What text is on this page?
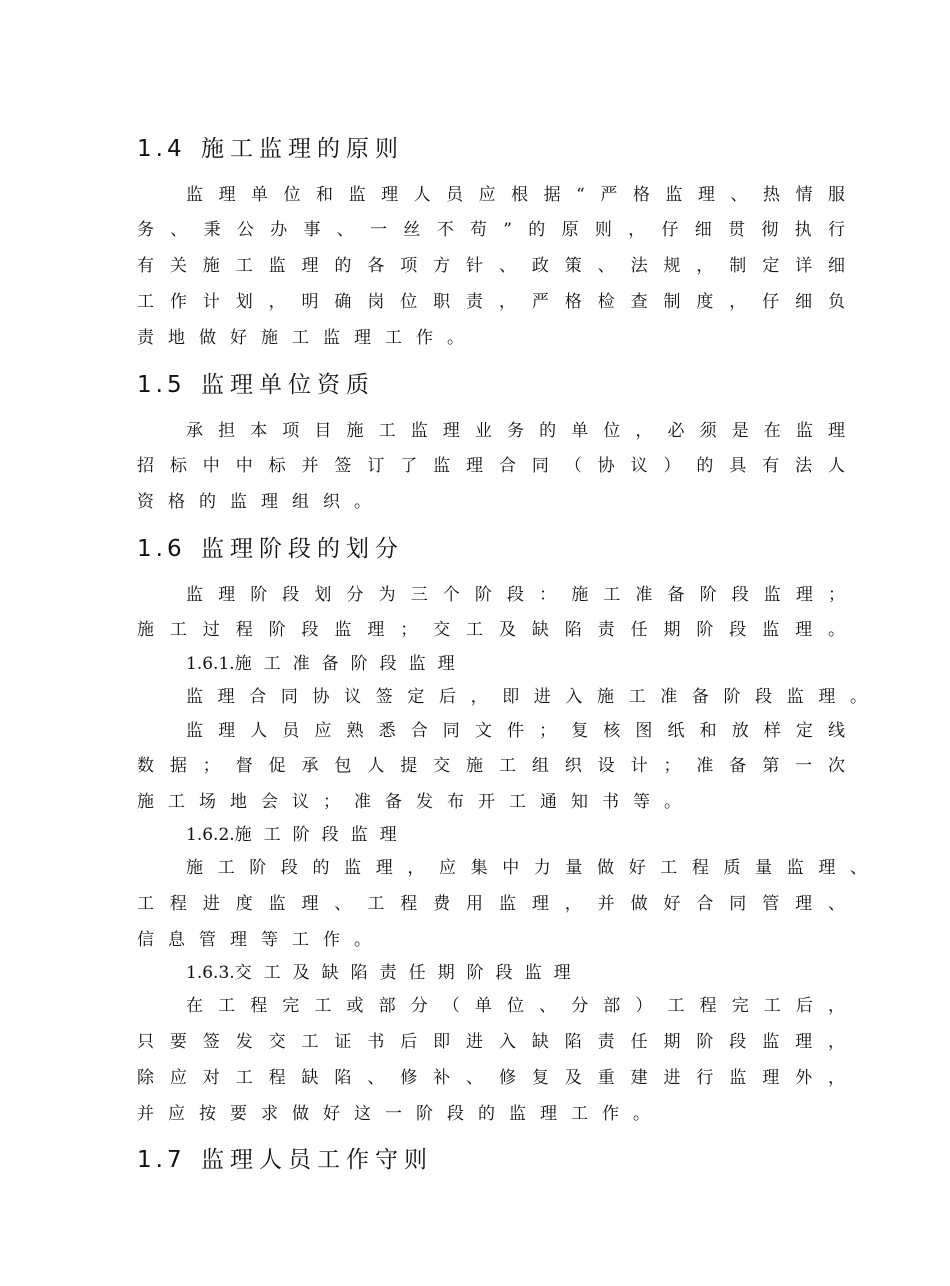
1.4 施工监理的原则
监理单位和监理人员应根据“严格监理、热情服
务、秉公办事、一丝不苟”的原则，仔细贯彻执行
有关施工监理的各项方针、政策、法规，制定详细
工作计划，明确岗位职责，严格检查制度，仔细负
责地做好施工监理工作。
1.5 监理单位资质
承担本项目施工监理业务的单位，必须是在监理
招标中中标并签订了监理合同（协议）的具有法人
资格的监理组织。
1.6 监理阶段的划分
监理阶段划分为三个阶段：施工准备阶段监理；
施工过程阶段监理；交工及缺陷责任期阶段监理。
1.6.1.施工准备阶段监理
监理合同协议签定后，即进入施工准备阶段监理。
监理人员应熟悉合同文件；复核图纸和放样定线
数据；督促承包人提交施工组织设计；准备第一次
施工场地会议；准备发布开工通知书等。
1.6.2.施工阶段监理
施工阶段的监理，应集中力量做好工程质量监理、
工程进度监理、工程费用监理，并做好合同管理、
信息管理等工作。
1.6.3.交工及缺陷责任期阶段监理
在工程完工或部分（单位、分部）工程完工后，
只要签发交工证书后即进入缺陷责任期阶段监理，
除应对工程缺陷、修补、修复及重建进行监理外，
并应按要求做好这一阶段的监理工作。
1.7 监理人员工作守则
